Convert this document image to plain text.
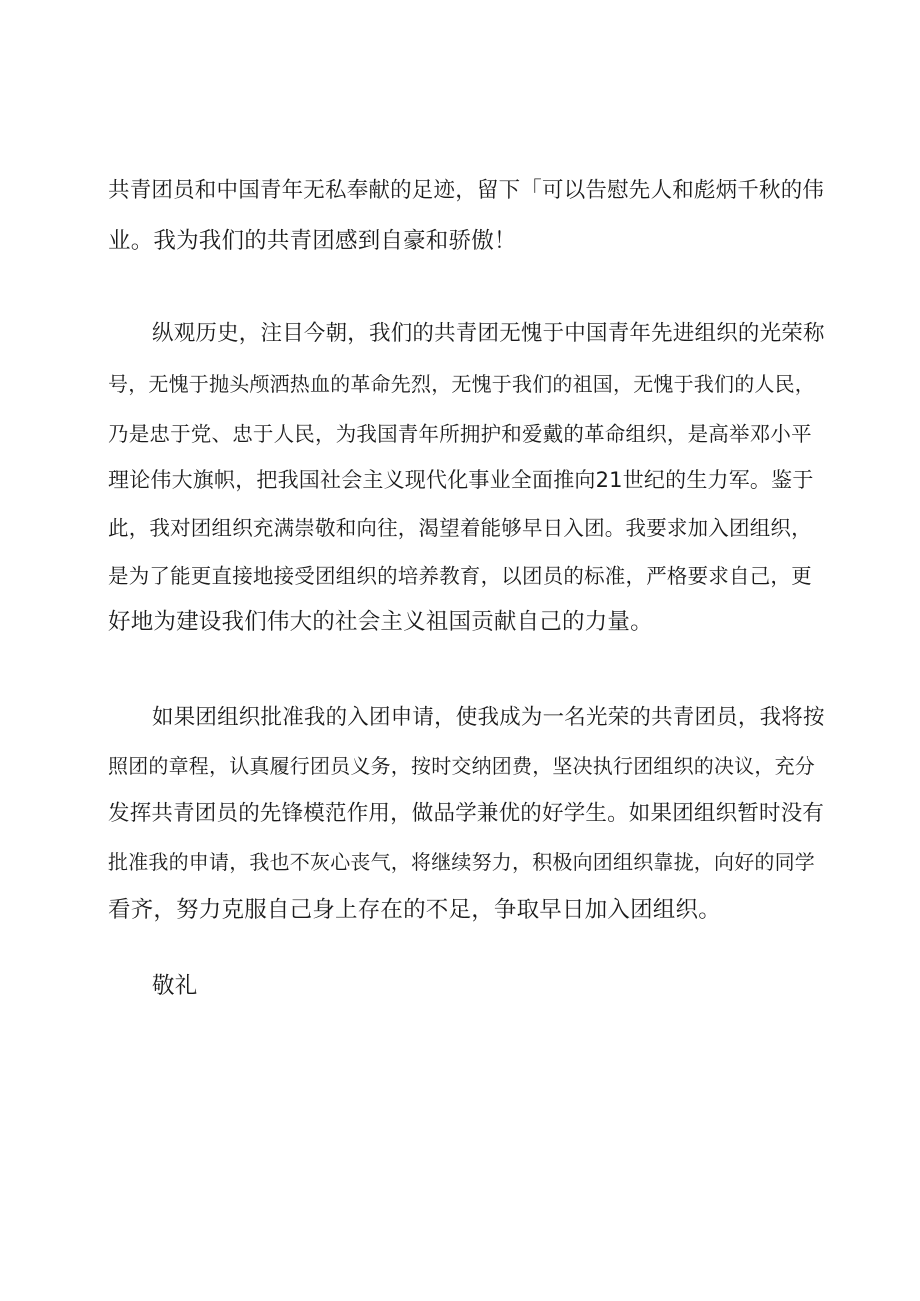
共青团员和中国青年无私奉献的足迹，留下「可以告慰先人和彪炳千秋的伟
业。我为我们的共青团感到自豪和骄傲！
纵观历史，注目今朝，我们的共青团无愧于中国青年先进组织的光荣称
号，无愧于抛头颅洒热血的革命先烈，无愧于我们的祖国，无愧于我们的人民，
乃是忠于党、忠于人民，为我国青年所拥护和爱戴的革命组织，是高举邓小平
理论伟大旗帜，把我国社会主义现代化事业全面推向21世纪的生力军。鉴于
此，我对团组织充满崇敬和向往，渴望着能够早日入团。我要求加入团组织，
是为了能更直接地接受团组织的培养教育，以团员的标准，严格要求自己，更
好地为建设我们伟大的社会主义祖国贡献自己的力量。
如果团组织批准我的入团申请，使我成为一名光荣的共青团员，我将按
照团的章程，认真履行团员义务，按时交纳团费，坚决执行团组织的决议，充分
发挥共青团员的先锋模范作用，做品学兼优的好学生。如果团组织暂时没有
批准我的申请，我也不灰心丧气，将继续努力，积极向团组织靠拢，向好的同学
看齐，努力克服自己身上存在的不足，争取早日加入团组织。
敬礼
